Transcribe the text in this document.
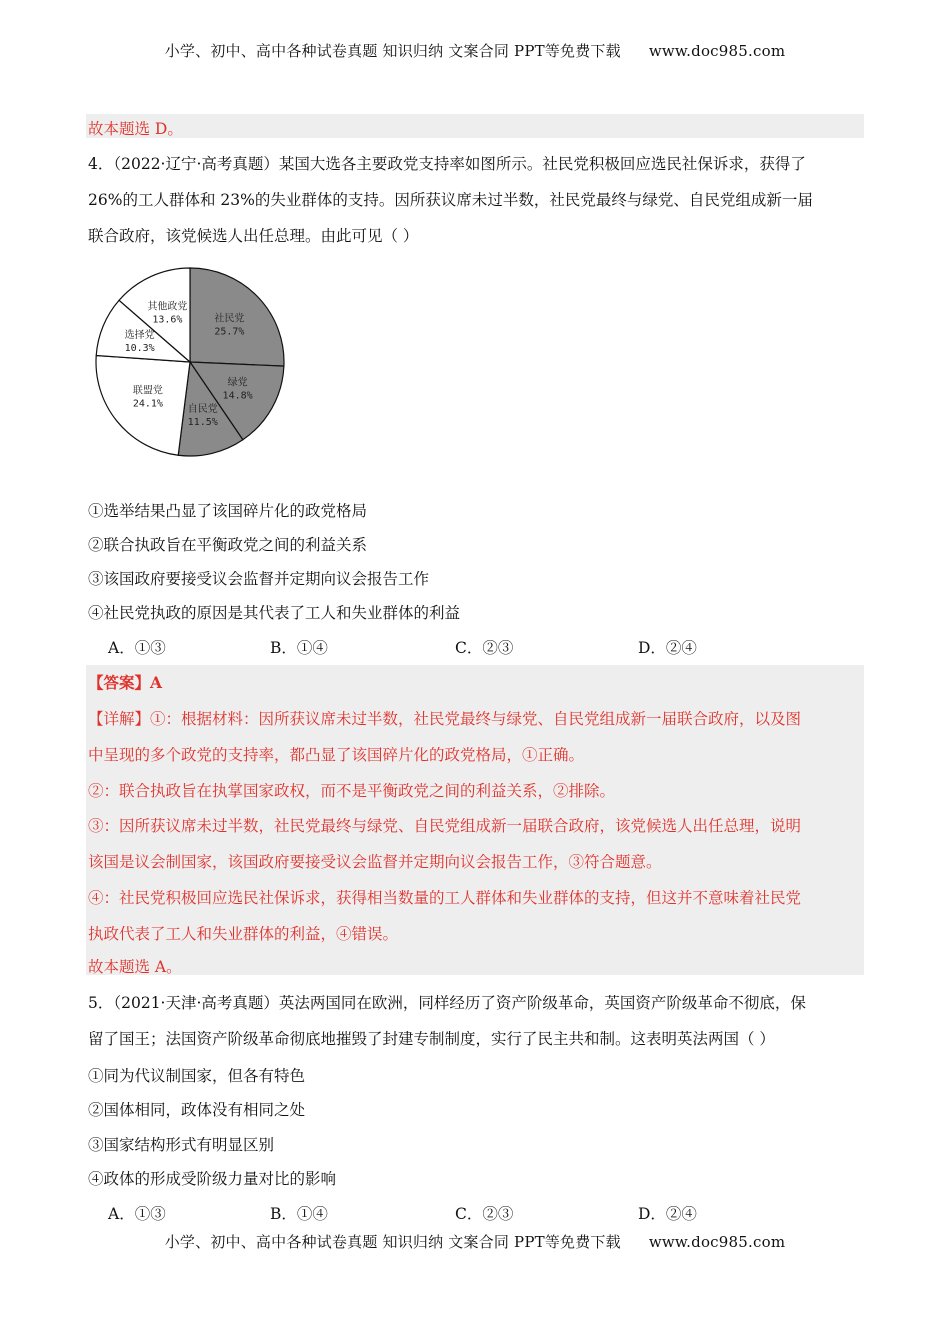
小学、初中、高中各种试卷真题 知识归纳 文案合同 PPT等免费下载 www.doc985.com
故本题选 D。
4．（2022·辽宁·高考真题）某国大选各主要政党支持率如图所示。社民党积极回应选民社保诉求，获得了
26%的工人群体和 23%的失业群体的支持。因所获议席未过半数，社民党最终与绿党、自民党组成新一届
联合政府，该党候选人出任总理。由此可见（ ）
社民党
25.7%
绿党
14.8%
自民党
11.5%
联盟党
24.1%
选择党
10.3%
其他政党
13.6%
①选举结果凸显了该国碎片化的政党格局
②联合执政旨在平衡政党之间的利益关系
③该国政府要接受议会监督并定期向议会报告工作
④社民党执政的原因是其代表了工人和失业群体的利益
A．①③	B．①④	C．②③	D．②④
【答案】A
【详解】①：根据材料：因所获议席未过半数，社民党最终与绿党、自民党组成新一届联合政府，以及图
中呈现的多个政党的支持率，都凸显了该国碎片化的政党格局，①正确。
②：联合执政旨在执掌国家政权，而不是平衡政党之间的利益关系，②排除。
③：因所获议席未过半数，社民党最终与绿党、自民党组成新一届联合政府，该党候选人出任总理，说明
该国是议会制国家，该国政府要接受议会监督并定期向议会报告工作，③符合题意。
④：社民党积极回应选民社保诉求，获得相当数量的工人群体和失业群体的支持，但这并不意味着社民党
执政代表了工人和失业群体的利益，④错误。
故本题选 A。
5．（2021·天津·高考真题）英法两国同在欧洲，同样经历了资产阶级革命，英国资产阶级革命不彻底，保
留了国王；法国资产阶级革命彻底地摧毁了封建专制制度，实行了民主共和制。这表明英法两国（ ）
①同为代议制国家，但各有特色
②国体相同，政体没有相同之处
③国家结构形式有明显区别
④政体的形成受阶级力量对比的影响
A．①③	B．①④	C．②③	D．②④
小学、初中、高中各种试卷真题 知识归纳 文案合同 PPT等免费下载 www.doc985.com
